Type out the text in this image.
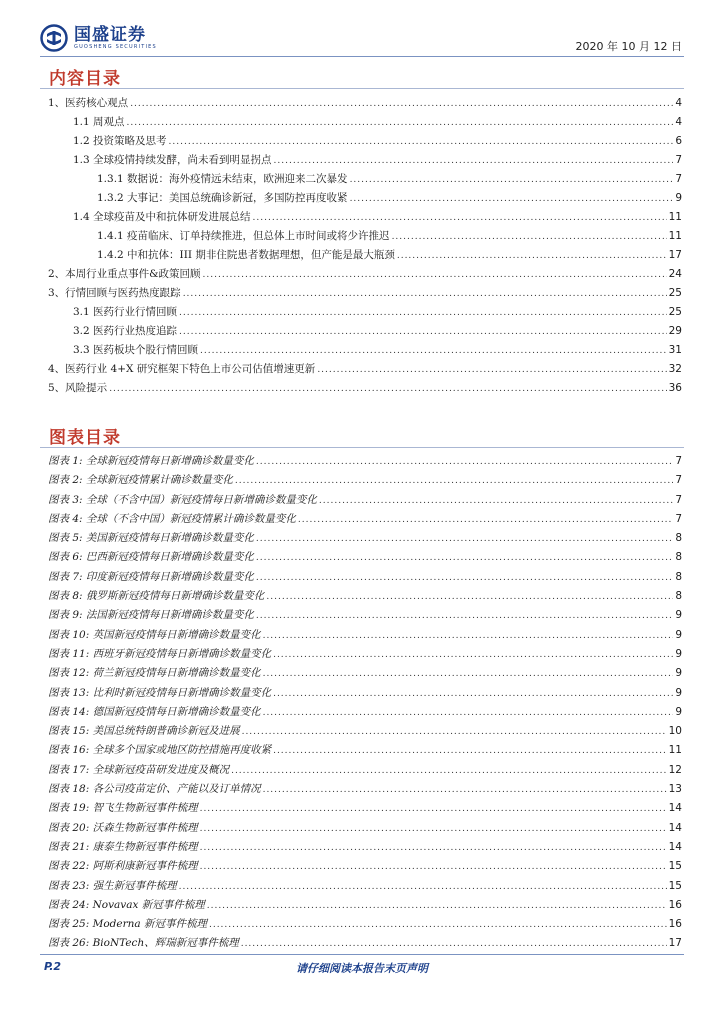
国盛证券
GUOSHENG SECURITIES	2020 年 10 月 12 日
内容目录
1、医药核心观点 .....	4
1.1 周观点 .....	4
1.2 投资策略及思考 .....	6
1.3 全球疫情持续发酵，尚未看到明显拐点 .....	7
1.3.1 数据说：海外疫情远未结束，欧洲迎来二次暴发 .....	7
1.3.2 大事记：美国总统确诊新冠，多国防控再度收紧 .....	9
1.4 全球疫苗及中和抗体研发进展总结 .....	11
1.4.1 疫苗临床、订单持续推进，但总体上市时间或将少许推迟 .....	11
1.4.2 中和抗体：III 期非住院患者数据理想，但产能是最大瓶颈 .....	17
2、本周行业重点事件&政策回顾 .....	24
3、行情回顾与医药热度跟踪 .....	25
3.1 医药行业行情回顾 .....	25
3.2 医药行业热度追踪 .....	29
3.3 医药板块个股行情回顾 .....	31
4、医药行业 4+X 研究框架下特色上市公司估值增速更新 .....	32
5、风险提示 .....	36
图表目录
图表 1: 全球新冠疫情每日新增确诊数量变化 .....	7
图表 2: 全球新冠疫情累计确诊数量变化 .....	7
图表 3: 全球（不含中国）新冠疫情每日新增确诊数量变化 .....	7
图表 4: 全球（不含中国）新冠疫情累计确诊数量变化 .....	7
图表 5: 美国新冠疫情每日新增确诊数量变化 .....	8
图表 6: 巴西新冠疫情每日新增确诊数量变化 .....	8
图表 7: 印度新冠疫情每日新增确诊数量变化 .....	8
图表 8: 俄罗斯新冠疫情每日新增确诊数量变化 .....	8
图表 9: 法国新冠疫情每日新增确诊数量变化 .....	9
图表 10: 英国新冠疫情每日新增确诊数量变化 .....	9
图表 11: 西班牙新冠疫情每日新增确诊数量变化 .....	9
图表 12: 荷兰新冠疫情每日新增确诊数量变化 .....	9
图表 13: 比利时新冠疫情每日新增确诊数量变化 .....	9
图表 14: 德国新冠疫情每日新增确诊数量变化 .....	9
图表 15: 美国总统特朗普确诊新冠及进展 .....	10
图表 16: 全球多个国家或地区防控措施再度收紧 .....	11
图表 17: 全球新冠疫苗研发进度及概况 .....	12
图表 18: 各公司疫苗定价、产能以及订单情况 .....	13
图表 19: 智飞生物新冠事件梳理 .....	14
图表 20: 沃森生物新冠事件梳理 .....	14
图表 21: 康泰生物新冠事件梳理 .....	14
图表 22: 阿斯利康新冠事件梳理 .....	15
图表 23: 强生新冠事件梳理 .....	15
图表 24: Novavax 新冠事件梳理 .....	16
图表 25: Moderna 新冠事件梳理 .....	16
图表 26: BioNTech、辉瑞新冠事件梳理 .....	17
P.2	请仔细阅读本报告末页声明
